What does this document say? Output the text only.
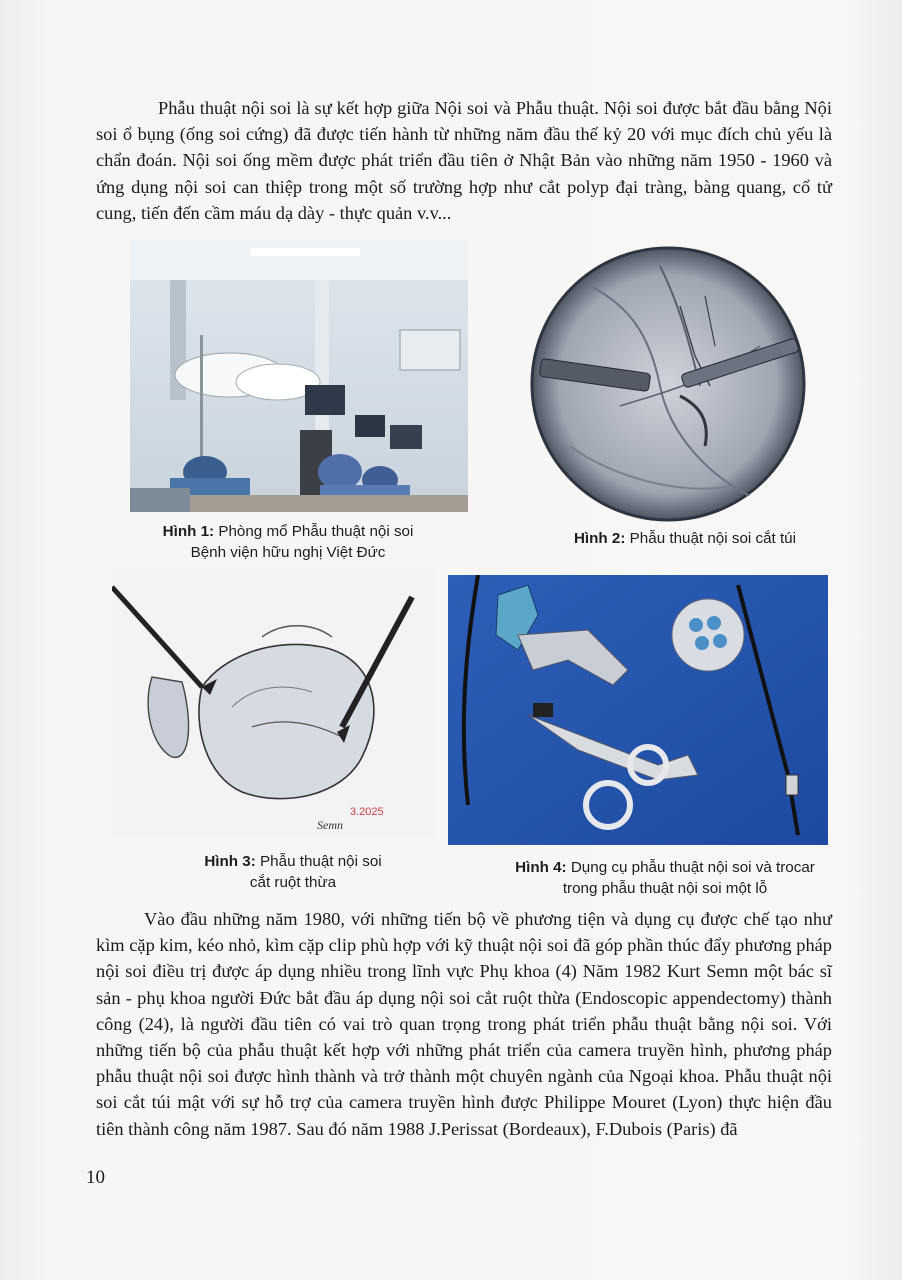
Phẫu thuật nội soi là sự kết hợp giữa Nội soi và Phẫu thuật. Nội soi được bắt đầu bằng Nội soi ổ bụng (ống soi cứng) đã được tiến hành từ những năm đầu thế kỷ 20 với mục đích chủ yếu là chẩn đoán. Nội soi ống mềm được phát triển đầu tiên ở Nhật Bản vào những năm 1950 - 1960 và ứng dụng nội soi can thiệp trong một số trường hợp như cắt polyp đại tràng, bàng quang, cổ tử cung, tiến đến cầm máu dạ dày - thực quản v.v...

Hình 1: Phòng mổ Phẫu thuật nội soi
Bệnh viện hữu nghị Việt Đức
Hình 2: Phẫu thuật nội soi cắt túi
3.2025
Semn
Hình 3: Phẫu thuật nội soi
cắt ruột thừa
Hình 4: Dụng cụ phẫu thuật nội soi và trocar
trong phẫu thuật nội soi một lỗ

Vào đầu những năm 1980, với những tiến bộ về phương tiện và dụng cụ được chế tạo như kìm cặp kim, kéo nhỏ, kìm cặp clip phù hợp với kỹ thuật nội soi đã góp phần thúc đẩy phương pháp nội soi điều trị được áp dụng nhiều trong lĩnh vực Phụ khoa (4) Năm 1982 Kurt Semn một bác sĩ sản - phụ khoa người Đức bắt đầu áp dụng nội soi cắt ruột thừa (Endoscopic appendectomy) thành công (24), là người đầu tiên có vai trò quan trọng trong phát triển phẫu thuật bằng nội soi. Với những tiến bộ của phẫu thuật kết hợp với những phát triển của camera truyền hình, phương pháp phẫu thuật nội soi được hình thành và trở thành một chuyên ngành của Ngoại khoa. Phẫu thuật nội soi cắt túi mật với sự hỗ trợ của camera truyền hình được Philippe Mouret (Lyon) thực hiện đầu tiên thành công năm 1987. Sau đó năm 1988 J.Perissat (Bordeaux), F.Dubois (Paris) đã

10
